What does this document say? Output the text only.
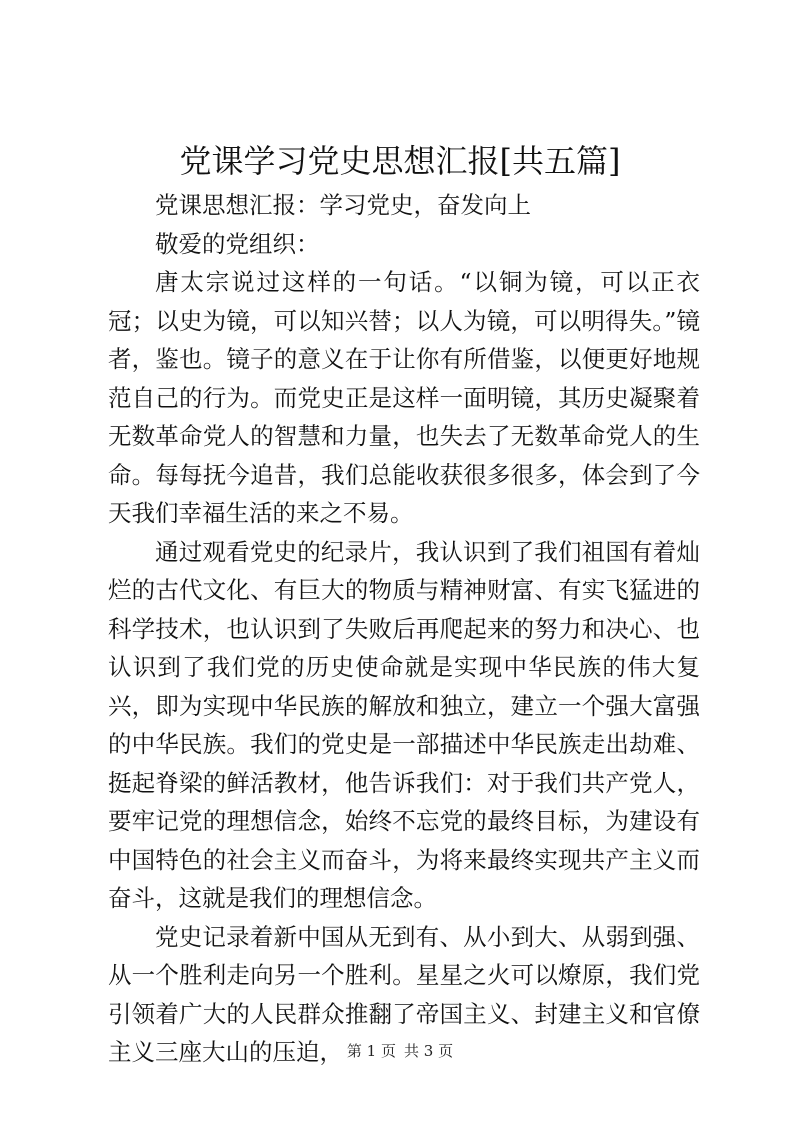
党课学习党史思想汇报[共五篇]

党课思想汇报：学习党史，奋发向上

敬爱的党组织：

唐太宗说过这样的一句话。“以铜为镜，可以正衣冠；以史为镜，可以知兴替；以人为镜，可以明得失。”镜者，鉴也。镜子的意义在于让你有所借鉴，以便更好地规范自己的行为。而党史正是这样一面明镜，其历史凝聚着无数革命党人的智慧和力量，也失去了无数革命党人的生命。每每抚今追昔，我们总能收获很多很多，体会到了今天我们幸福生活的来之不易。

通过观看党史的纪录片，我认识到了我们祖国有着灿烂的古代文化、有巨大的物质与精神财富、有实飞猛进的科学技术，也认识到了失败后再爬起来的努力和决心、也认识到了我们党的历史使命就是实现中华民族的伟大复兴，即为实现中华民族的解放和独立，建立一个强大富强的中华民族。我们的党史是一部描述中华民族走出劫难、挺起脊梁的鲜活教材，他告诉我们：对于我们共产党人，要牢记党的理想信念，始终不忘党的最终目标，为建设有中国特色的社会主义而奋斗，为将来最终实现共产主义而奋斗，这就是我们的理想信念。

党史记录着新中国从无到有、从小到大、从弱到强、从一个胜利走向另一个胜利。星星之火可以燎原，我们党引领着广大的人民群众推翻了帝国主义、封建主义和官僚主义三座大山的压迫， 第 1 页 共 3 页
